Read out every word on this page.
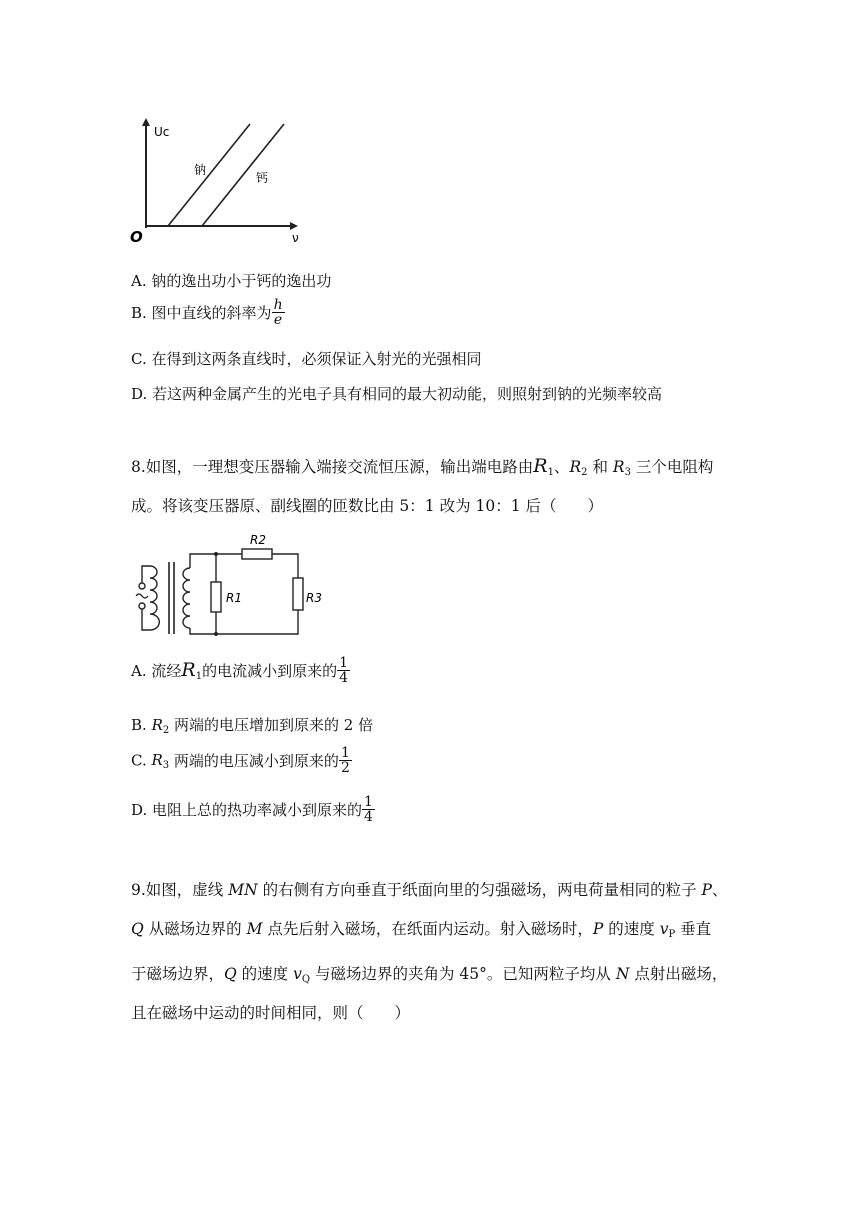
Uc
O	ν
钠
钙
A. 钠的逸出功小于钙的逸出功
B. 图中直线的斜率为 $\frac{h}{e}$
C. 在得到这两条直线时，必须保证入射光的光强相同
D. 若这两种金属产生的光电子具有相同的最大初动能，则照射到钠的光频率较高
8.如图，一理想变压器输入端接交流恒压源，输出端电路由$R_1$、$R_2$ 和 $R_3$ 三个电阻构
成。将该变压器原、副线圈的匝数比由 5：1 改为 10：1 后（　　）
R1
R2
R3
A. 流经$R_1$的电流减小到原来的 $\frac{1}{4}$
B. $R_2$ 两端的电压增加到原来的 2 倍
C. $R_3$ 两端的电压减小到原来的 $\frac{1}{2}$
D. 电阻上总的热功率减小到原来的 $\frac{1}{4}$
9.如图，虚线 MN 的右侧有方向垂直于纸面向里的匀强磁场，两电荷量相同的粒子 P、
Q 从磁场边界的 M 点先后射入磁场，在纸面内运动。射入磁场时，P 的速度 $v_P$ 垂直
于磁场边界，Q 的速度 $v_Q$ 与磁场边界的夹角为 45°。已知两粒子均从 N 点射出磁场，
且在磁场中运动的时间相同，则（　　）
